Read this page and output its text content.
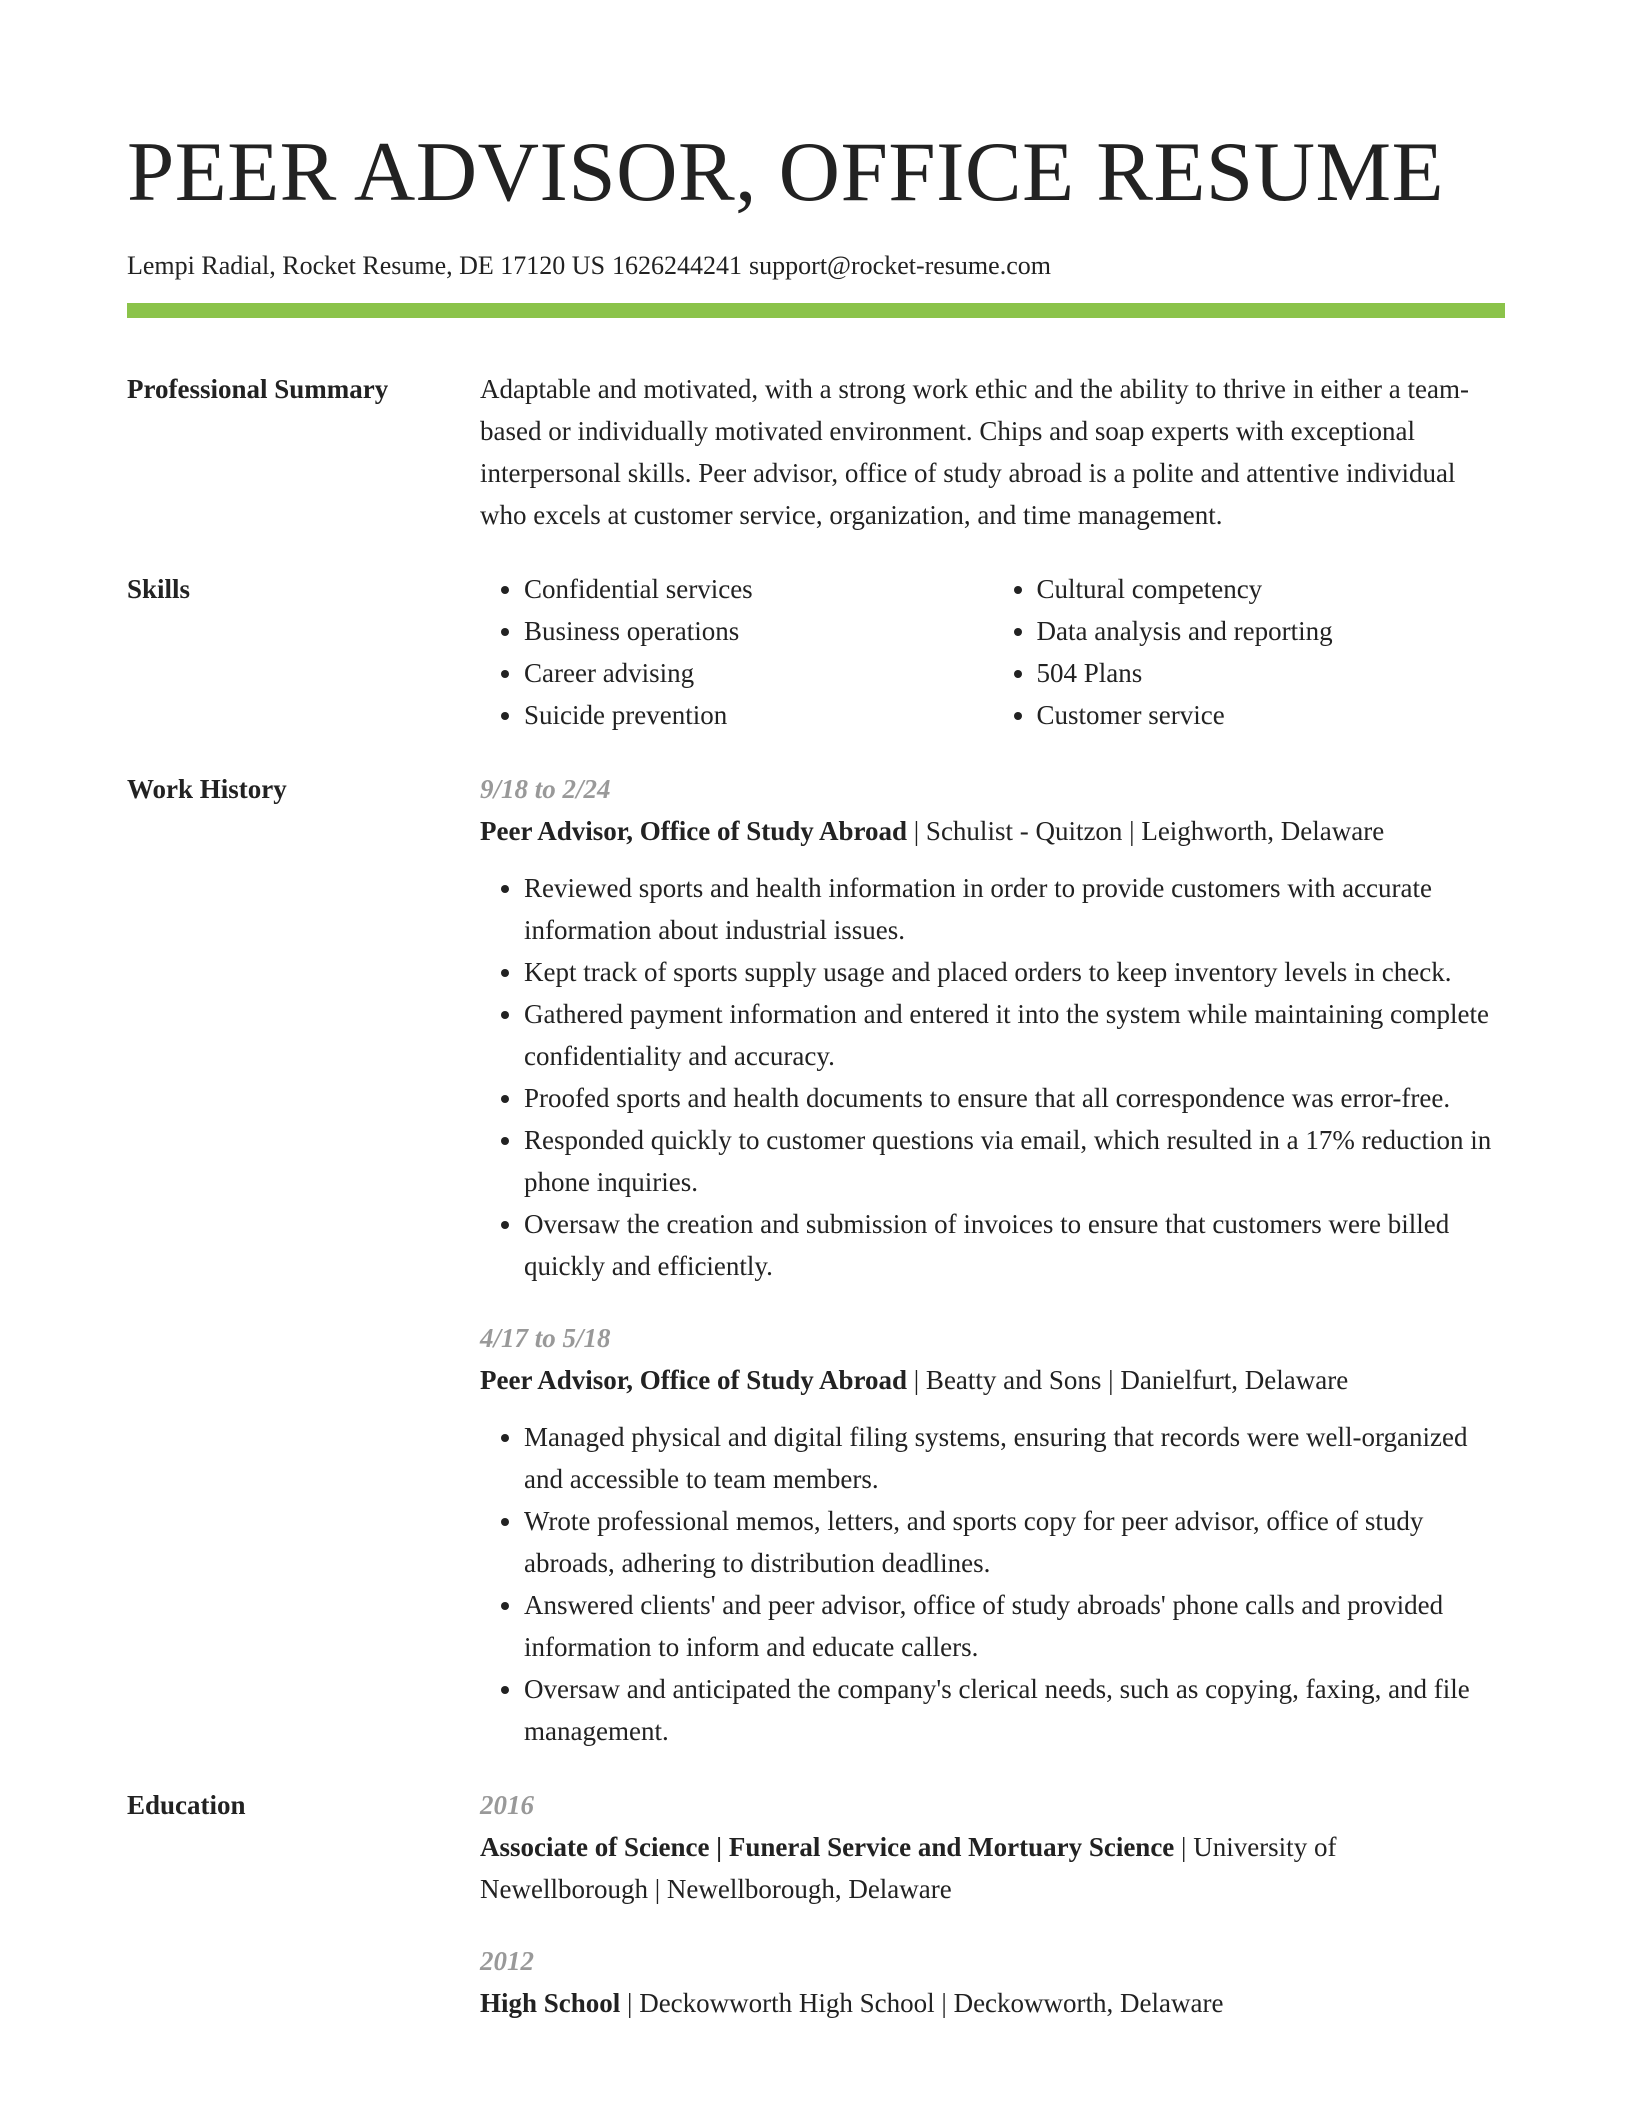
PEER ADVISOR, OFFICE RESUME
Lempi Radial, Rocket Resume, DE 17120 US 1626244241 support@rocket-resume.com
Professional Summary	Adaptable and motivated, with a strong work ethic and the ability to thrive in either a team-based or individually motivated environment. Chips and soap experts with exceptional interpersonal skills. Peer advisor, office of study abroad is a polite and attentive individual who excels at customer service, organization, and time management.

Skills
•	Confidential services
• Business operations
• Career advising
• Suicide prevention
• Cultural competency
• Data analysis and reporting
• 504 Plans
• Customer service
Work History	9/18 to 2/24
Peer Advisor, Office of Study Abroad | Schulist - Quitzon | Leighworth, Delaware
• Reviewed sports and health information in order to provide customers with accurate information about industrial issues.
• Kept track of sports supply usage and placed orders to keep inventory levels in check.
• Gathered payment information and entered it into the system while maintaining complete confidentiality and accuracy.
• Proofed sports and health documents to ensure that all correspondence was error-free.
• Responded quickly to customer questions via email, which resulted in a 17% reduction in phone inquiries.
• Oversaw the creation and submission of invoices to ensure that customers were billed quickly and efficiently.
4/17 to 5/18
Peer Advisor, Office of Study Abroad | Beatty and Sons | Danielfurt, Delaware
• Managed physical and digital filing systems, ensuring that records were well-organized and accessible to team members.
• Wrote professional memos, letters, and sports copy for peer advisor, office of study abroads, adhering to distribution deadlines.
• Answered clients' and peer advisor, office of study abroads' phone calls and provided information to inform and educate callers.
• Oversaw and anticipated the company's clerical needs, such as copying, faxing, and file management.
Education	2016
Associate of Science | Funeral Service and Mortuary Science | University of Newellborough | Newellborough, Delaware
2012
High School | Deckowworth High School | Deckowworth, Delaware
